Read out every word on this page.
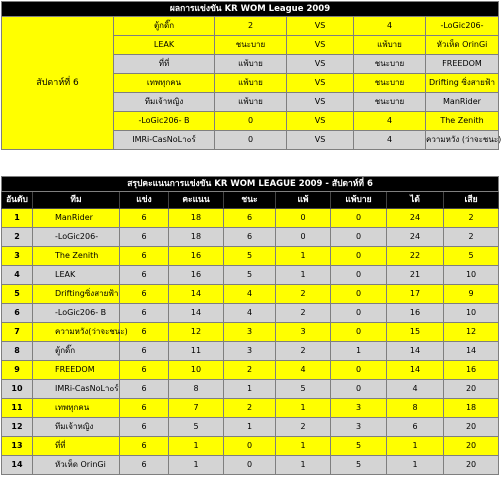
ผลการแข่งขัน KR WOM League 2009					
สัปดาห์ที่ 6	ตู้กดิ๊ก	2	VS	4	-LoGic206-
	LEAK	ชนะบาย	VS	แพ้บาย	หัวเห็ด OrinGi
	ที่ที่	แพ้บาย	VS	ชนะบาย	FREEDOM
	เทพทุกคน	แพ้บาย	VS	ชนะบาย	Drifting ซิ่งสายฟ้า
	ทีมเจ้าหญิง	แพ้บาย	VS	ชนะบาย	ManRider
	-LoGic206- B	0	VS	4	The Zenith
	IMRi-CasNoLา๐ร์	0	VS	4	ความหวัง (ว่าจะชนะ)
สรุปคะแนนการแข่งขัน KR WOM LEAGUE 2009 - สัปดาห์ที่ 6								
อันดับ	ทีม	แข่ง	คะแนน	ชนะ	แพ้	แพ้บาย	ได้	เสีย
1	ManRider	6	18	6	0	0	24	2
2	-LoGic206-	6	18	6	0	0	24	2
3	The Zenith	6	16	5	1	0	22	5
4	LEAK	6	16	5	1	0	21	10
5	Driftingซิ่งสายฟ้า	6	14	4	2	0	17	9
6	-LoGic206- B	6	14	4	2	0	16	10
7	ความหวัง(ว่าจะชนะ)	6	12	3	3	0	15	12
8	ตู้กดิ๊ก	6	11	3	2	1	14	14
9	FREEDOM	6	10	2	4	0	14	16
10	IMRi-CasNoLา๐ร์	6	8	1	5	0	4	20
11	เทพทุกคน	6	7	2	1	3	8	18
12	ทีมเจ้าหญิง	6	5	1	2	3	6	20
13	ที่ที่	6	1	0	1	5	1	20
14	หัวเห็ด OrinGi	6	1	0	1	5	1	20
